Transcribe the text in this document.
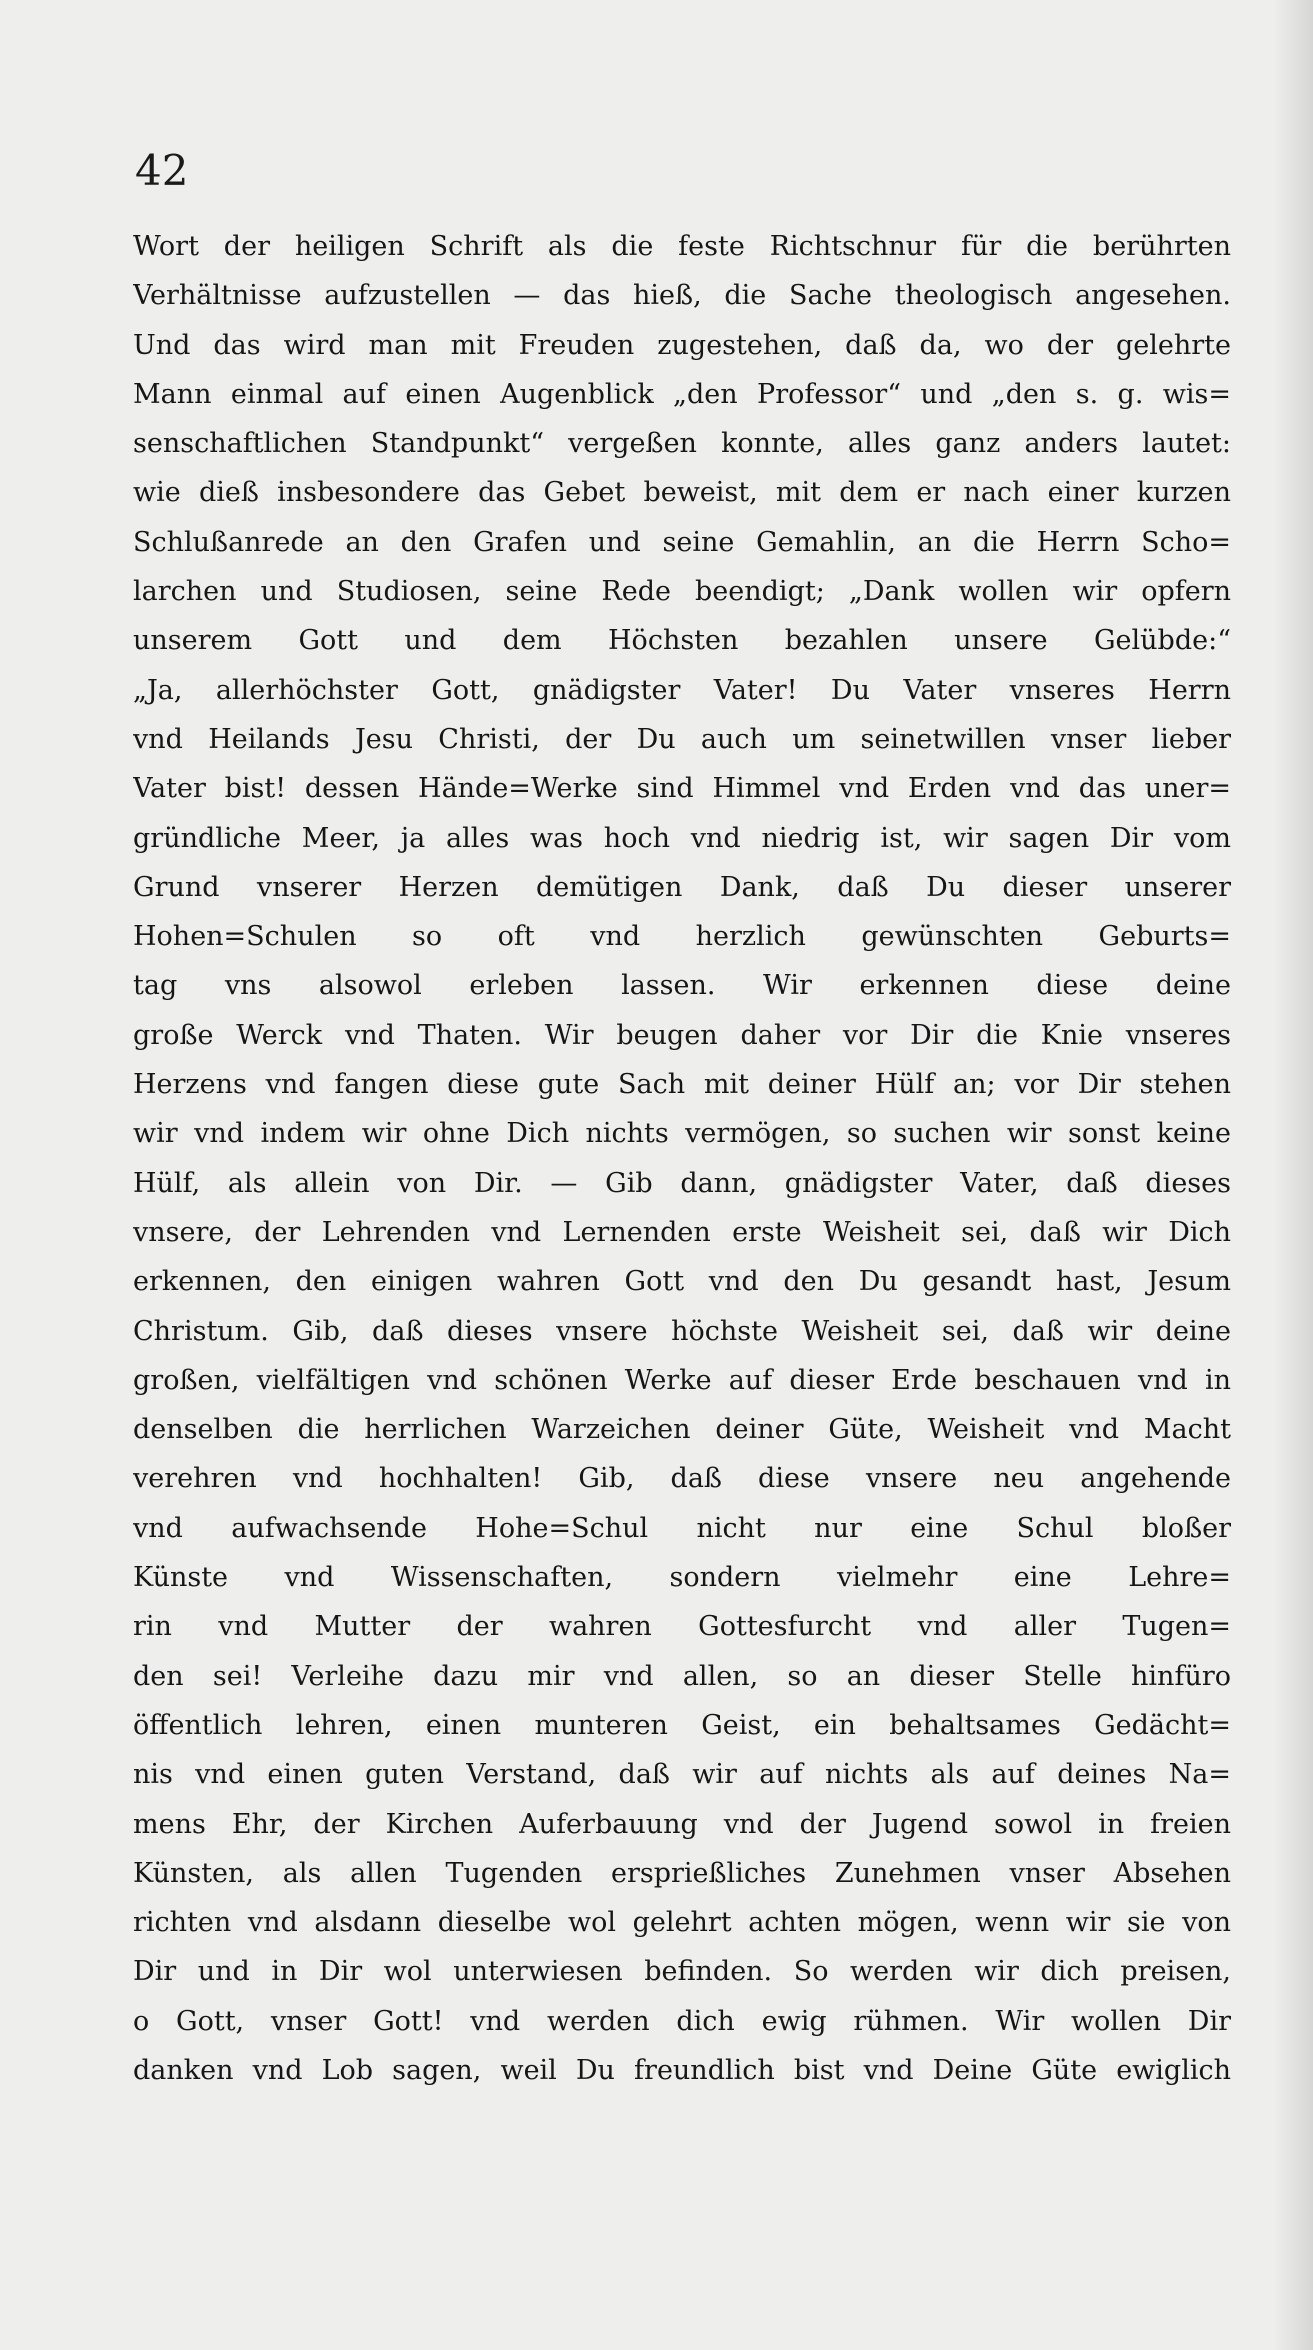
42
Wort der heiligen Schrift als die feste Richtschnur für die berührten
Verhältnisse aufzustellen — das hieß, die Sache theologisch angesehen.
Und das wird man mit Freuden zugestehen, daß da, wo der gelehrte
Mann einmal auf einen Augenblick „den Professor“ und „den s. g. wis=
senschaftlichen Standpunkt“ vergeßen konnte, alles ganz anders lautet:
wie dieß insbesondere das Gebet beweist, mit dem er nach einer kurzen
Schlußanrede an den Grafen und seine Gemahlin, an die Herrn Scho=
larchen und Studiosen, seine Rede beendigt; „Dank wollen wir opfern
unserem Gott und dem Höchsten bezahlen unsere Gelübde:“
„Ja, allerhöchster Gott, gnädigster Vater! Du Vater vnseres Herrn
vnd Heilands Jesu Christi, der Du auch um seinetwillen vnser lieber
Vater bist! dessen Hände=Werke sind Himmel vnd Erden vnd das uner=
gründliche Meer, ja alles was hoch vnd niedrig ist, wir sagen Dir vom
Grund vnserer Herzen demütigen Dank, daß Du dieser unserer
Hohen=Schulen so oft vnd herzlich gewünschten Geburts=
tag vns alsowol erleben lassen. Wir erkennen diese deine
große Werck vnd Thaten. Wir beugen daher vor Dir die Knie vnseres
Herzens vnd fangen diese gute Sach mit deiner Hülf an; vor Dir stehen
wir vnd indem wir ohne Dich nichts vermögen, so suchen wir sonst keine
Hülf, als allein von Dir. — Gib dann, gnädigster Vater, daß dieses
vnsere, der Lehrenden vnd Lernenden erste Weisheit sei, daß wir Dich
erkennen, den einigen wahren Gott vnd den Du gesandt hast, Jesum
Christum. Gib, daß dieses vnsere höchste Weisheit sei, daß wir deine
großen, vielfältigen vnd schönen Werke auf dieser Erde beschauen vnd in
denselben die herrlichen Warzeichen deiner Güte, Weisheit vnd Macht
verehren vnd hochhalten! Gib, daß diese vnsere neu angehende
vnd aufwachsende Hohe=Schul nicht nur eine Schul bloßer
Künste vnd Wissenschaften, sondern vielmehr eine Lehre=
rin vnd Mutter der wahren Gottesfurcht vnd aller Tugen=
den sei! Verleihe dazu mir vnd allen, so an dieser Stelle hinfüro
öffentlich lehren, einen munteren Geist, ein behaltsames Gedächt=
nis vnd einen guten Verstand, daß wir auf nichts als auf deines Na=
mens Ehr, der Kirchen Auferbauung vnd der Jugend sowol in freien
Künsten, als allen Tugenden ersprießliches Zunehmen vnser Absehen
richten vnd alsdann dieselbe wol gelehrt achten mögen, wenn wir sie von
Dir und in Dir wol unterwiesen befinden. So werden wir dich preisen,
o Gott, vnser Gott! vnd werden dich ewig rühmen. Wir wollen Dir
danken vnd Lob sagen, weil Du freundlich bist vnd Deine Güte ewiglich
